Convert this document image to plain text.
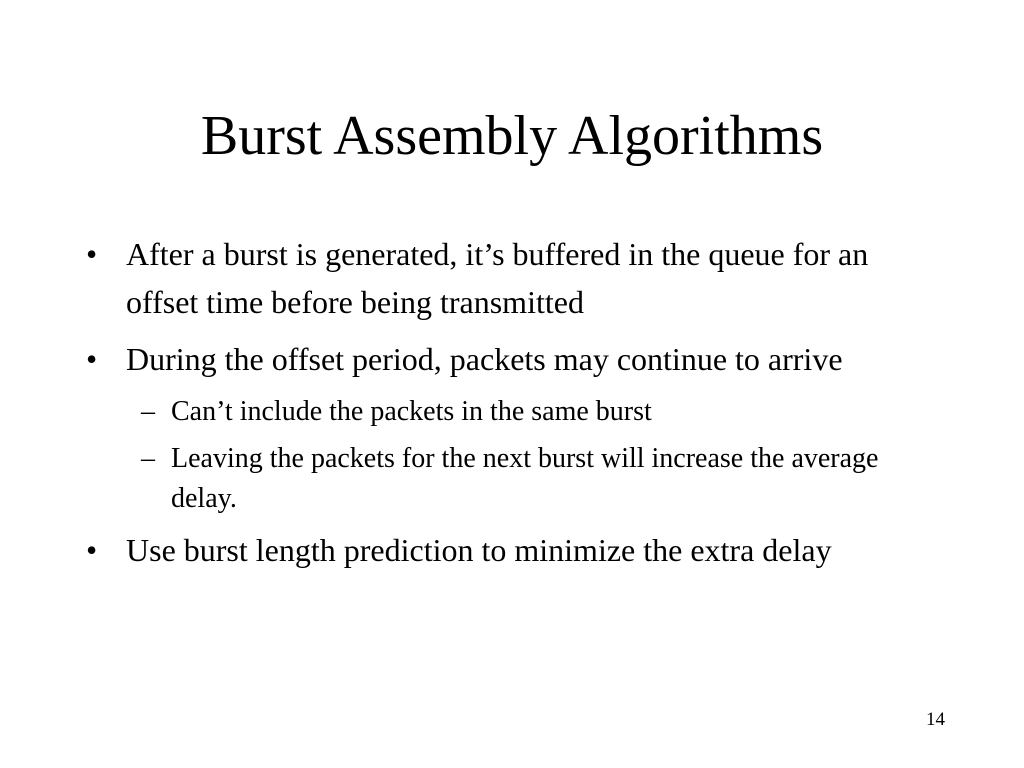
Burst Assembly Algorithms
• After a burst is generated, it’s buffered in the queue for an offset time before being transmitted
• During the offset period, packets may continue to arrive
– Can’t include the packets in the same burst
– Leaving the packets for the next burst will increase the average delay.
• Use burst length prediction to minimize the extra delay
14
